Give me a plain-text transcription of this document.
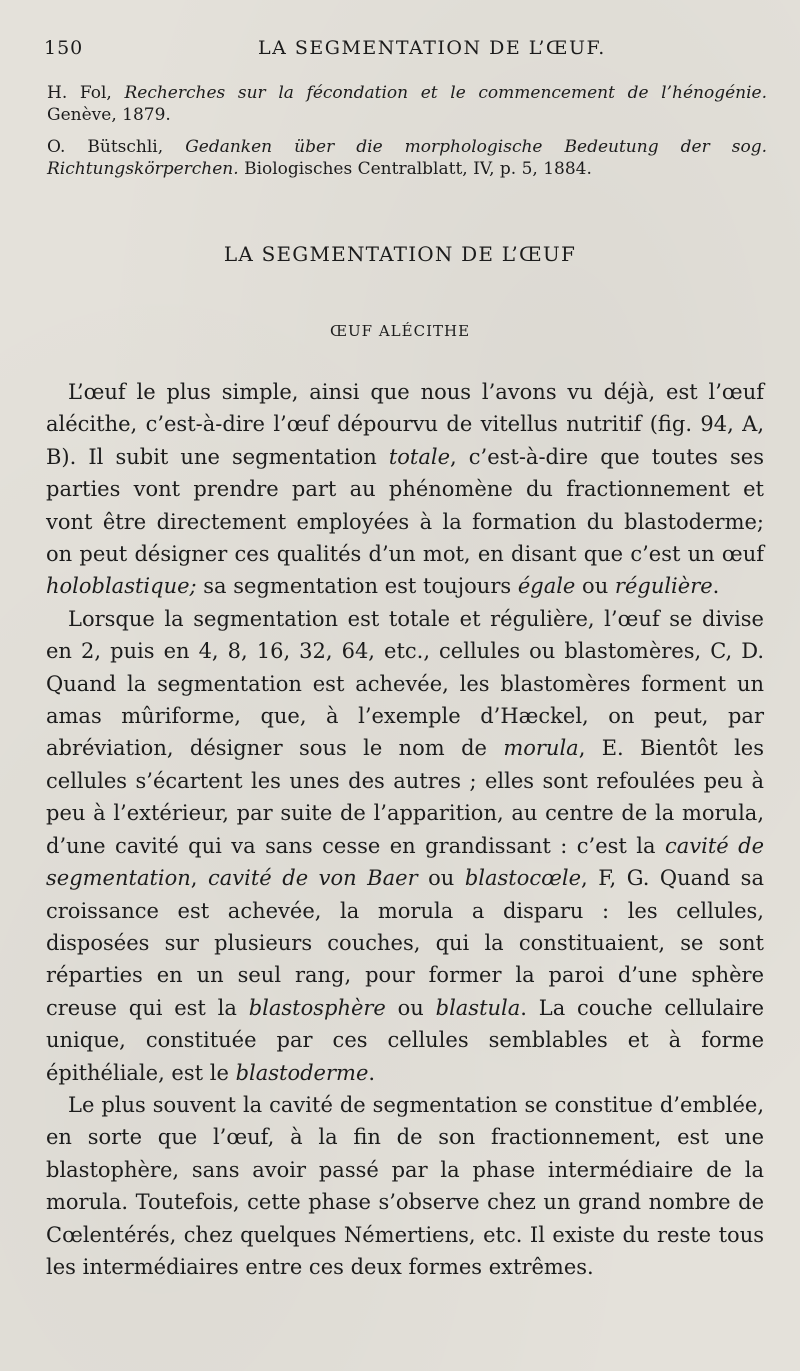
150	LA SEGMENTATION DE L’ŒUF.

H. Fol, Recherches sur la fécondation et le commencement de l’hénogénie. Genève, 1879.

O. Bütschli, Gedanken über die morphologische Bedeutung der sog. Richtungskörperchen. Biologisches Centralblatt, IV, p. 5, 1884.

LA SEGMENTATION DE L’ŒUF
ŒUF ALÉCITHE

L’œuf le plus simple, ainsi que nous l’avons vu déjà, est l’œuf alécithe, c’est-à-dire l’œuf dépourvu de vitellus nutritif (fig. 94, A, B). Il subit une segmentation totale, c’est-à-dire que toutes ses parties vont prendre part au phénomène du fractionnement et vont être directement employées à la formation du blastoderme; on peut désigner ces qualités d’un mot, en disant que c’est un œuf holoblastique; sa segmentation est toujours égale ou régulière.

Lorsque la segmentation est totale et régulière, l’œuf se divise en 2, puis en 4, 8, 16, 32, 64, etc., cellules ou blastomères, C, D. Quand la segmentation est achevée, les blastomères forment un amas mûriforme, que, à l’exemple d’Hæckel, on peut, par abréviation, désigner sous le nom de morula, E. Bientôt les cellules s’écartent les unes des autres ; elles sont refoulées peu à peu à l’extérieur, par suite de l’apparition, au centre de la morula, d’une cavité qui va sans cesse en grandissant : c’est la cavité de segmentation, cavité de von Baer ou blastocœle, F, G. Quand sa croissance est achevée, la morula a disparu : les cellules, disposées sur plusieurs couches, qui la constituaient, se sont réparties en un seul rang, pour former la paroi d’une sphère creuse qui est la blastosphère ou blastula. La couche cellulaire unique, constituée par ces cellules semblables et à forme épithéliale, est le blastoderme.

Le plus souvent la cavité de segmentation se constitue d’emblée, en sorte que l’œuf, à la fin de son fractionnement, est une blastophère, sans avoir passé par la phase intermédiaire de la morula. Toutefois, cette phase s’observe chez un grand nombre de Cœlentérés, chez quelques Némertiens, etc. Il existe du reste tous les intermédiaires entre ces deux formes extrêmes.
